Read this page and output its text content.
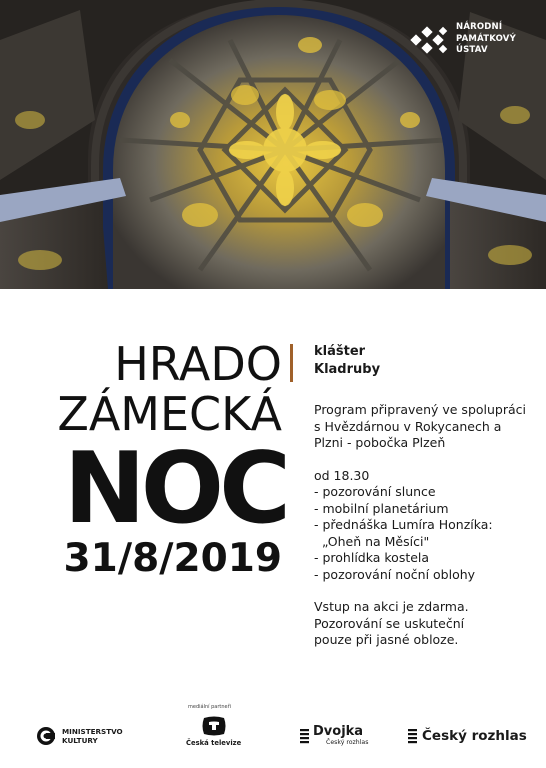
NÁRODNÍ
PAMÁTKOVÝ
ÚSTAV
HRADO
ZÁMECKÁ
NOC
31/8/2019
klášter
Kladruby
Program připravený ve spolupráci
s Hvězdárnou v Rokycanech a
Plzni - pobočka Plzeň
od 18.30
- pozorování slunce
- mobilní planetárium
- přednáška Lumíra Honzíka:
„Oheň na Měsíci"
- prohlídka kostela
- pozorování noční oblohy
Vstup na akci je zdarma.
Pozorování se uskuteční
pouze při jasné obloze.
mediální partneři
MINISTERSTVO
KULTURY	Česká televize
Dvojka
Český rozhlas	Český rozhlas
